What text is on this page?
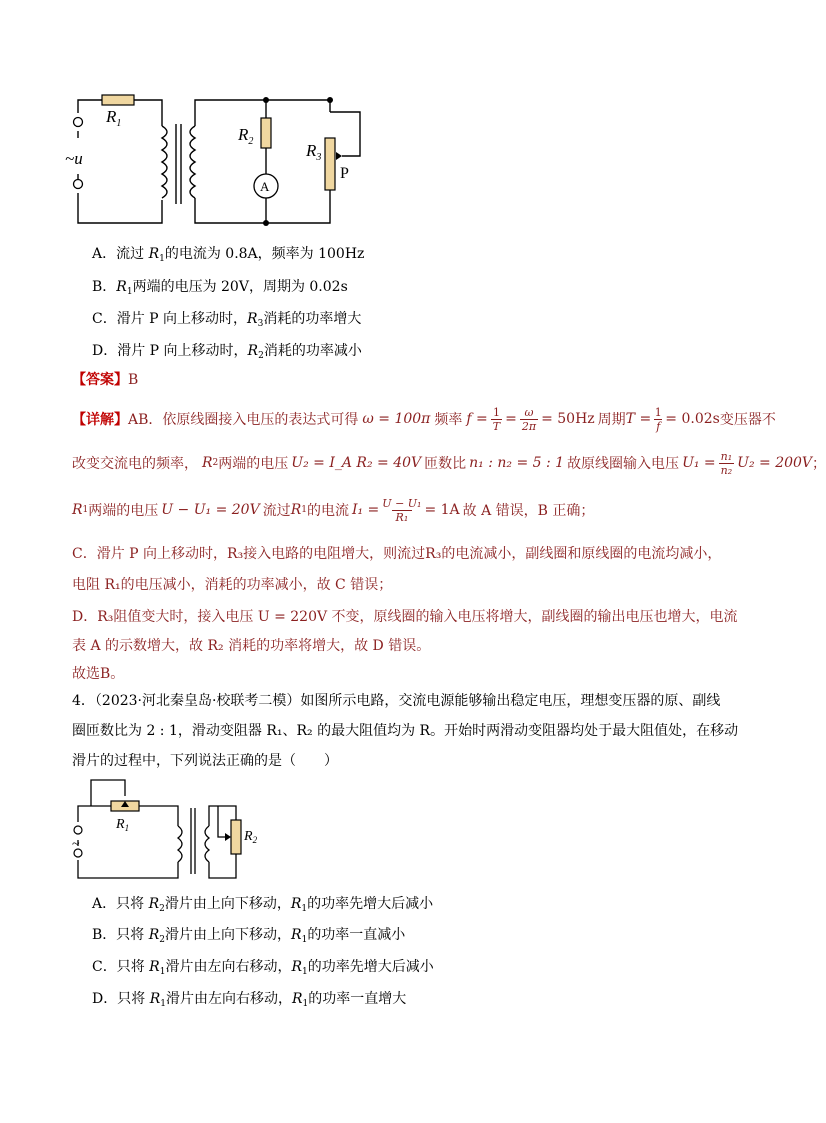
$R_1$
$R_2$	$R_3$
~u
A
P
A．流过 $R_1$的电流为 0.8A，频率为 100Hz
B．$R_1$两端的电压为 20V，周期为 0.02s
C．滑片 P 向上移动时，$R_3$消耗的功率增大
D．滑片 P 向上移动时，$R_2$消耗的功率减小
【答案】B
【详解】 AB．依原线圈接入电压的表达式可得 ω = 100π 频率 $f = \frac{1}{T} = \frac{\omega}{2\pi} = 50Hz$ 周期 $T = \frac{1}{f} = 0.02s$ 变压器不
改变交流电的频率， R 2 两端的电压 U₂ = I_A R₂ = 40V 匝数比 n₁ : n₂ = 5 : 1 故原线圈输入电压 $U_1 = \frac{\text{n₁}}{\text{n₂}} U_2 = 200V$ ；
R 1 两端的电压 U − U₁ = 20V 流过 R 1 的电流 $I_1 = \frac{\text{U − U₁}}{\text{R₁}} = 1A$ 故 A 错误，B 正确；
C．滑片 P 向上移动时，R₃接入电路的电阻增大，则流过R₃的电流减小，副线圈和原线圈的电流均减小，
电阻 R₁的电压减小，消耗的功率减小，故 C 错误；
D．R₃阻值变大时，接入电压 U = 220V 不变，原线圈的输入电压将增大，副线圈的输出电压也增大，电流
表 A 的示数增大，故 R₂ 消耗的功率将增大，故 D 错误。
故选B。
4．（2023·河北秦皇岛·校联考二模）如图所示电路，交流电源能够输出稳定电压，理想变压器的原、副线
圈匝数比为 2 : 1，滑动变阻器 R₁、R₂ 的最大阻值均为 R。开始时两滑动变阻器均处于最大阻值处，在移动
滑片的过程中，下列说法正确的是（　　）
$R_1$
$R_2$
~
A．只将 $R_2$滑片由上向下移动，$R_1$的功率先增大后减小
B．只将 $R_2$滑片由上向下移动，$R_1$的功率一直减小
C．只将 $R_1$滑片由左向右移动，$R_1$的功率先增大后减小
D．只将 $R_1$滑片由左向右移动，$R_1$的功率一直增大
